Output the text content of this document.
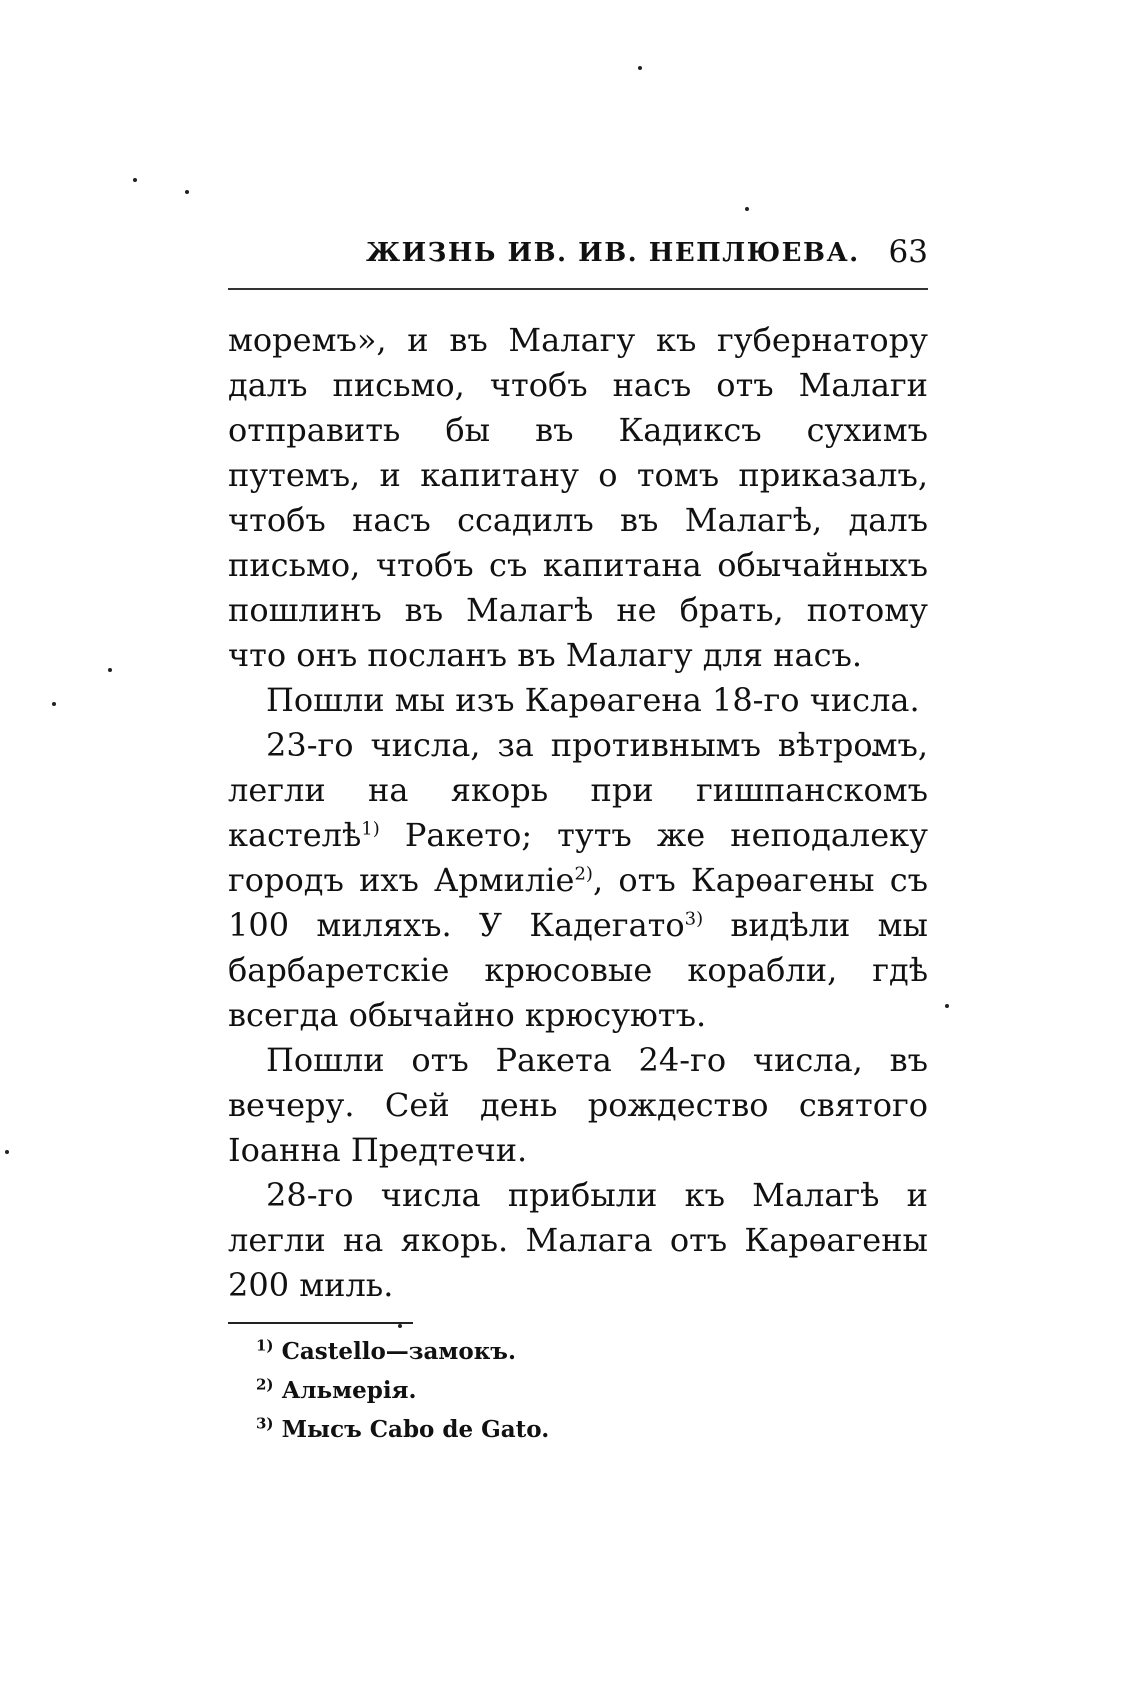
ЖИЗНЬ ИВ. ИВ. НЕПЛЮЕВА. 63

моремъ», и въ Малагу къ губернатору далъ письмо, чтобъ насъ отъ Малаги отправить бы въ Кадиксъ сухимъ путемъ, и капитану о томъ приказалъ, чтобъ насъ ссадилъ въ Малагѣ, далъ письмо, чтобъ съ капитана обычайныхъ пошлинъ въ Малагѣ не брать, потому что онъ посланъ въ Малагу для насъ.

Пошли мы изъ Карѳагена 18-го числа.

23-го числа, за противнымъ вѣтромъ, легли на якорь при гишпанскомъ кастелѣ$^{1)}$ Ракето; тутъ же неподалеку городъ ихъ Армиліе$^{2)}$, отъ Карѳагены съ 100 миляхъ. У Кадегато$^{3)}$ видѣли мы барбаретскіе крюсовые корабли, гдѣ всегда обычайно крюсуютъ.

Пошли отъ Ракета 24-го числа, въ вечеру. Сей день рождество святого Іоанна Предтечи.

28-го числа прибыли къ Малагѣ и легли на якорь. Малага отъ Карѳагены 200 миль.

$^{1)}$ Castello—замокъ.
$^{2)}$ Альмерія.
$^{3)}$ Мысъ Cabo de Gato.
